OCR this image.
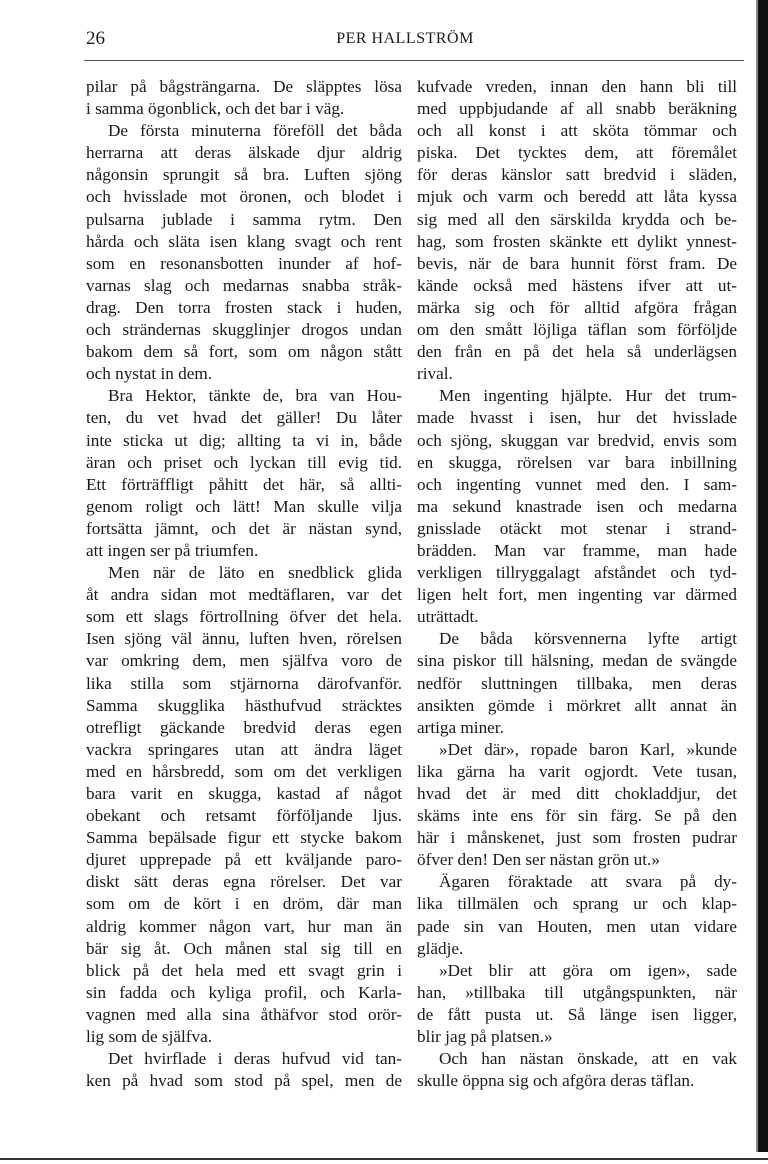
26	PER HALLSTRÖM
pilar på bågsträngarna. De släpptes lösa
i samma ögonblick, och det bar i väg.
De första minuterna föreföll det båda
herrarna att deras älskade djur aldrig
någonsin sprungit så bra. Luften sjöng
och hvisslade mot öronen, och blodet i
pulsarna jublade i samma rytm. Den
hårda och släta isen klang svagt och rent
som en resonansbotten inunder af hof-
varnas slag och medarnas snabba stråk-
drag. Den torra frosten stack i huden,
och strändernas skugglinjer drogos undan
bakom dem så fort, som om någon stått
och nystat in dem.
Bra Hektor, tänkte de, bra van Hou-
ten, du vet hvad det gäller! Du låter
inte sticka ut dig; allting ta vi in, både
äran och priset och lyckan till evig tid.
Ett förträffligt påhitt det här, så allti-
genom roligt och lätt! Man skulle vilja
fortsätta jämnt, och det är nästan synd,
att ingen ser på triumfen.
Men när de läto en snedblick glida
åt andra sidan mot medtäflaren, var det
som ett slags förtrollning öfver det hela.
Isen sjöng väl ännu, luften hven, rörelsen
var omkring dem, men själfva voro de
lika stilla som stjärnorna därofvanför.
Samma skugglika hästhufvud sträcktes
otrefligt gäckande bredvid deras egen
vackra springares utan att ändra läget
med en hårsbredd, som om det verkligen
bara varit en skugga, kastad af något
obekant och retsamt förföljande ljus.
Samma bepälsade figur ett stycke bakom
djuret upprepade på ett kväljande paro-
diskt sätt deras egna rörelser. Det var
som om de kört i en dröm, där man
aldrig kommer någon vart, hur man än
bär sig åt. Och månen stal sig till en
blick på det hela med ett svagt grin i
sin fadda och kyliga profil, och Karla-
vagnen med alla sina åthäfvor stod orör-
lig som de själfva.
Det hvirflade i deras hufvud vid tan-
ken på hvad som stod på spel, men de
kufvade vreden, innan den hann bli till
med uppbjudande af all snabb beräkning
och all konst i att sköta tömmar och
piska. Det tycktes dem, att föremålet
för deras känslor satt bredvid i släden,
mjuk och varm och beredd att låta kyssa
sig med all den särskilda krydda och be-
hag, som frosten skänkte ett dylikt ynnest-
bevis, när de bara hunnit först fram. De
kände också med hästens ifver att ut-
märka sig och för alltid afgöra frågan
om den smått löjliga täflan som förföljde
den från en på det hela så underlägsen
rival.
Men ingenting hjälpte. Hur det trum-
made hvasst i isen, hur det hvisslade
och sjöng, skuggan var bredvid, envis som
en skugga, rörelsen var bara inbillning
och ingenting vunnet med den. I sam-
ma sekund knastrade isen och medarna
gnisslade otäckt mot stenar i strand-
brädden. Man var framme, man hade
verkligen tillryggalagt afståndet och tyd-
ligen helt fort, men ingenting var därmed
uträttadt.
De båda körsvennerna lyfte artigt
sina piskor till hälsning, medan de svängde
nedför sluttningen tillbaka, men deras
ansikten gömde i mörkret allt annat än
artiga miner.
»Det där», ropade baron Karl, »kunde
lika gärna ha varit ogjordt. Vete tusan,
hvad det är med ditt chokladdjur, det
skäms inte ens för sin färg. Se på den
här i månskenet, just som frosten pudrar
öfver den! Den ser nästan grön ut.»
Ägaren föraktade att svara på dy-
lika tillmälen och sprang ur och klap-
pade sin van Houten, men utan vidare
glädje.
»Det blir att göra om igen», sade
han, »tillbaka till utgångspunkten, när
de fått pusta ut. Så länge isen ligger,
blir jag på platsen.»
Och han nästan önskade, att en vak
skulle öppna sig och afgöra deras täflan.
